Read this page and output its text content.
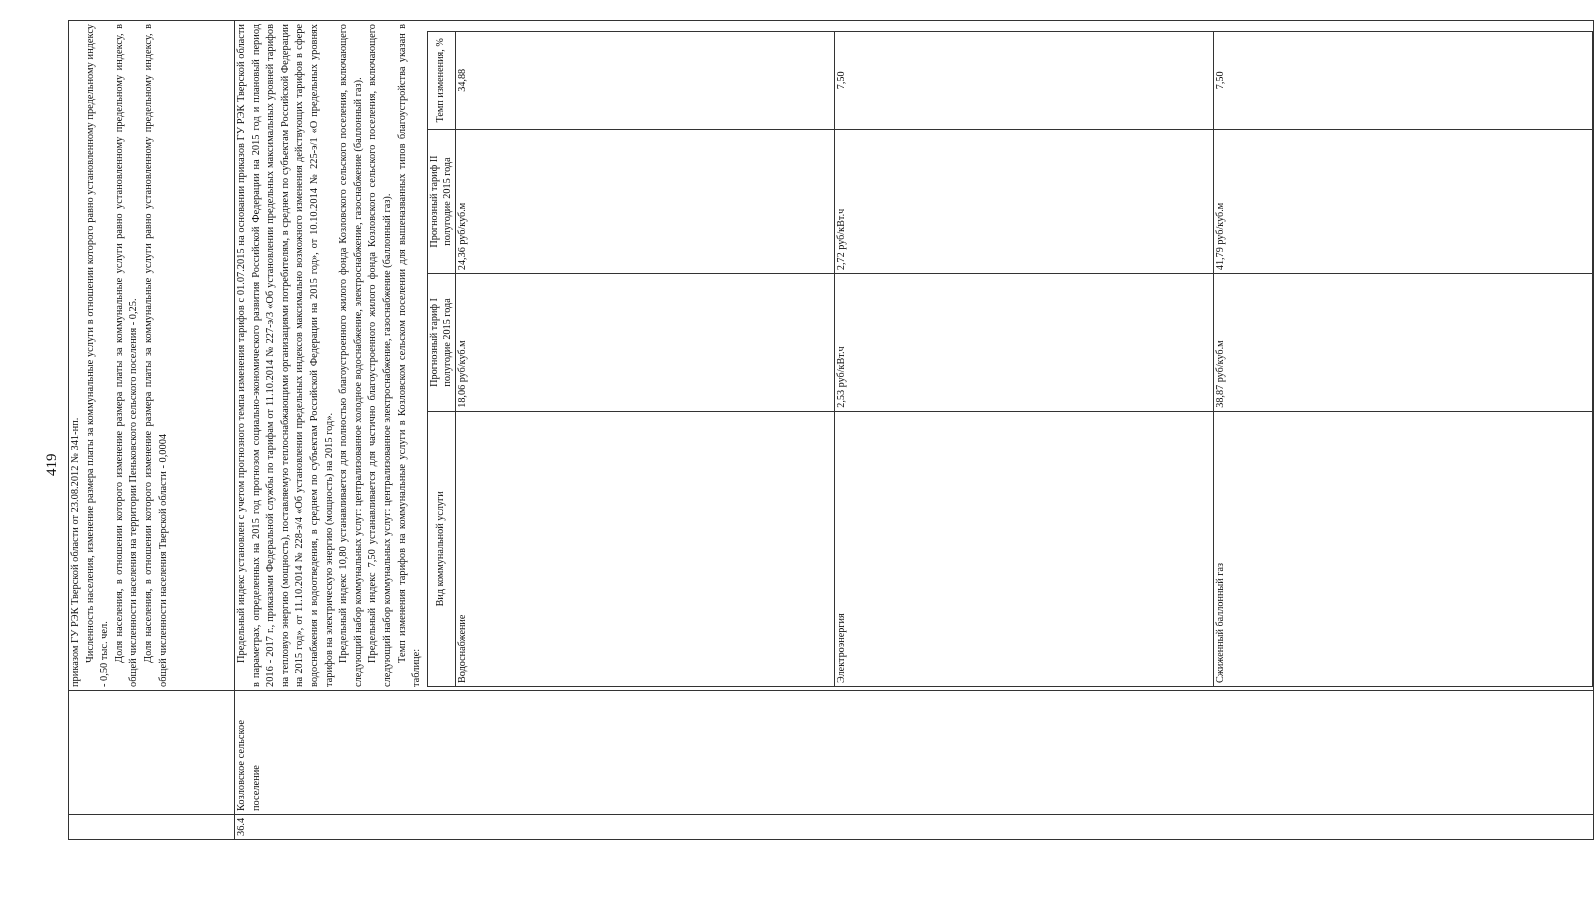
419
		приказом ГУ РЭК Тверской области от 23.08.2012 № 341-нп. Численность населения, изменение размера платы за коммунальные услуги в отношении которого равно установленному предельному индексу - 0,50 тыс. чел. Доля населения, в отношении которого изменение размера платы за коммунальные услуги равно установленному предельному индексу, в общей численности населения на территории Пеньковского сельского поселения - 0,25. Доля населения, в отношении которого изменение размера платы за коммунальные услуги равно установленному предельному индексу, в общей численности населения Тверской области - 0,0004

36.4	Козловское сельское поселение	

Предельный индекс установлен с учетом прогнозного темпа изменения тарифов с 01.07.2015 на основании приказов ГУ РЭК Тверской области в параметрах, определенных на 2015 год прогнозом социально-экономического развития Российской Федерации на 2015 год и плановый период 2016 - 2017 г., приказами Федеральной службы по тарифам от 11.10.2014 № 227-э/3 «Об установлении предельных максимальных уровней тарифов на тепловую энергию (мощность), поставляемую теплоснабжающими организациями потребителям, в среднем по субъектам Российской Федерации на 2015 год», от 11.10.2014 № 228-э/4 «Об установлении предельных индексов максимально возможного изменения действующих тарифов в сфере водоснабжения и водоотведения, в среднем по субъектам Российской Федерации на 2015 год», от 10.10.2014 № 225-э/1 «О предельных уровнях тарифов на электрическую энергию (мощность) на 2015 год». Предельный индекс 10,80 устанавливается для полностью благоустроенного жилого фонда Козловского сельского поселения, включающего следующий набор коммунальных услуг: централизованное холодное водоснабжение, электроснабжение, газоснабжение (баллонный газ). Предельный индекс 7,50 устанавливается для частично благоустроенного жилого фонда Козловского сельского поселения, включающего следующий набор коммунальных услуг: централизованное электроснабжение, газоснабжение (баллонный газ). Темп изменения тарифов на коммунальные услуги в Козловском сельском поселении для вышеназванных типов благоустройства указан в таблице:

Вид коммунальной услуги	Прогнозный тариф I полугодие 2015 года	Прогнозный тариф II полугодие 2015 года	Темп изменения, %
Водоснабжение	18,06 руб/куб.м	24,36 руб/куб.м	34,88
Электроэнергия	2,53 руб/кВт.ч	2,72 руб/кВт.ч	7,50
Сжиженный баллонный газ	38,87 руб/куб.м	41,79 руб/куб.м	7,50
